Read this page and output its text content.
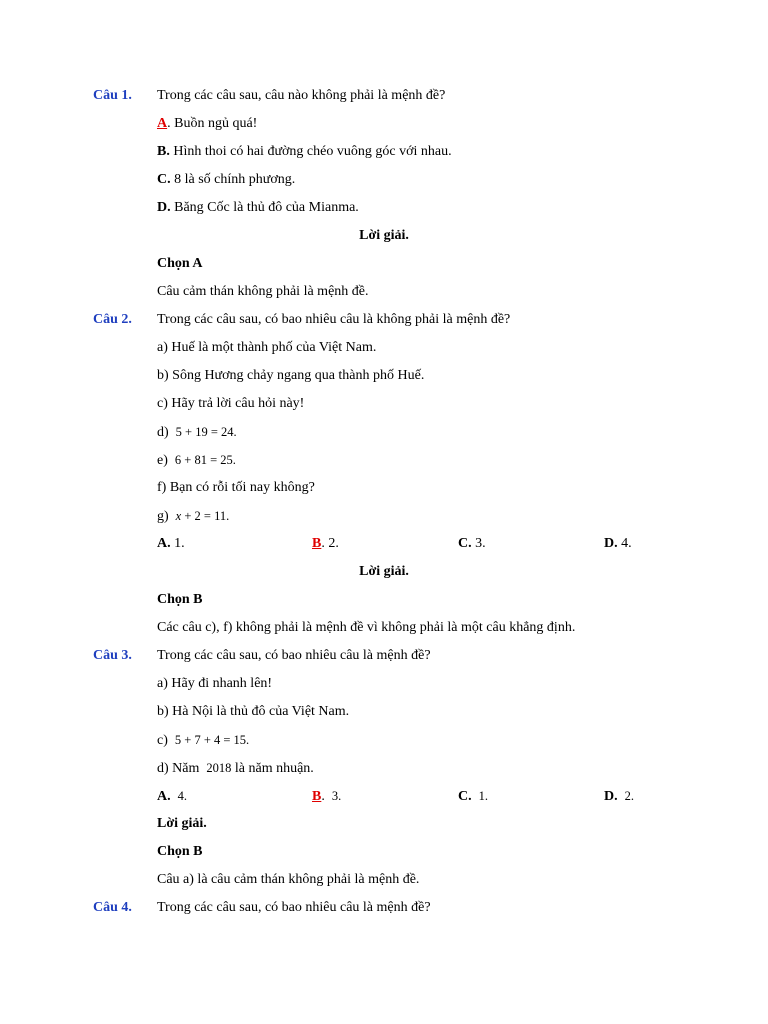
Câu 1. Trong các câu sau, câu nào không phải là mệnh đề?
A. Buồn ngủ quá!
B. Hình thoi có hai đường chéo vuông góc với nhau.
C. 8 là số chính phương.
D. Băng Cốc là thủ đô của Mianma.
Lời giải.
Chọn A
Câu cảm thán không phải là mệnh đề.
Câu 2. Trong các câu sau, có bao nhiêu câu là không phải là mệnh đề?
a) Huế là một thành phố của Việt Nam.
b) Sông Hương chảy ngang qua thành phố Huế.
c) Hãy trả lời câu hỏi này!
d) 5 + 19 = 24.
e) 6 + 81 = 25.
f) Bạn có rỗi tối nay không?
g) x + 2 = 11.
A. 1.	B. 2.	C. 3.	D. 4.
Lời giải.
Chọn B
Các câu c), f) không phải là mệnh đề vì không phải là một câu khẳng định.
Câu 3. Trong các câu sau, có bao nhiêu câu là mệnh đề?
a) Hãy đi nhanh lên!
b) Hà Nội là thủ đô của Việt Nam.
c) 5 + 7 + 4 = 15.
d) Năm 2018 là năm nhuận.
A. 4.	B.  3.	C. 1.	D. 2.
Lời giải.
Chọn B
Câu a) là câu cảm thán không phải là mệnh đề.
Câu 4. Trong các câu sau, có bao nhiêu câu là mệnh đề?
